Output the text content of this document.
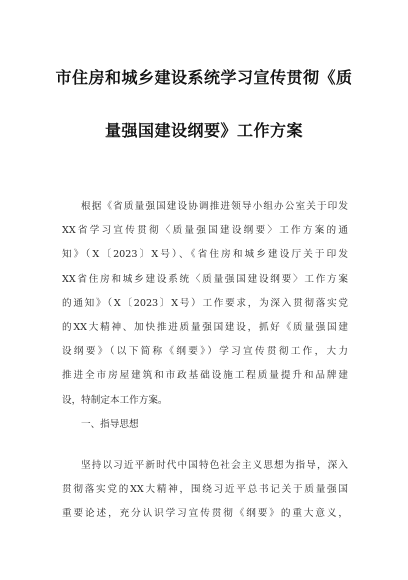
市住房和城乡建设系统学习宣传贯彻《质
量强国建设纲要》工作方案
根据《省质量强国建设协调推进领导小组办公室关于印发
XX省学习宣传贯彻〈质量强国建设纲要〉工作方案的通
知》（X〔2023〕X号）、《省住房和城乡建设厅关于印发
XX省住房和城乡建设系统〈质量强国建设纲要〉工作方案
的通知》（X〔2023〕X号）工作要求，为深入贯彻落实党
的XX大精神、加快推进质量强国建设，抓好《质量强国建
设纲要》（以下简称《纲要》）学习宣传贯彻工作，大力
推进全市房屋建筑和市政基础设施工程质量提升和品牌建
设，特制定本工作方案。
一、指导思想
坚持以习近平新时代中国特色社会主义思想为指导，深入
贯彻落实党的XX大精神，围绕习近平总书记关于质量强国
重要论述，充分认识学习宣传贯彻《纲要》的重大意义，
